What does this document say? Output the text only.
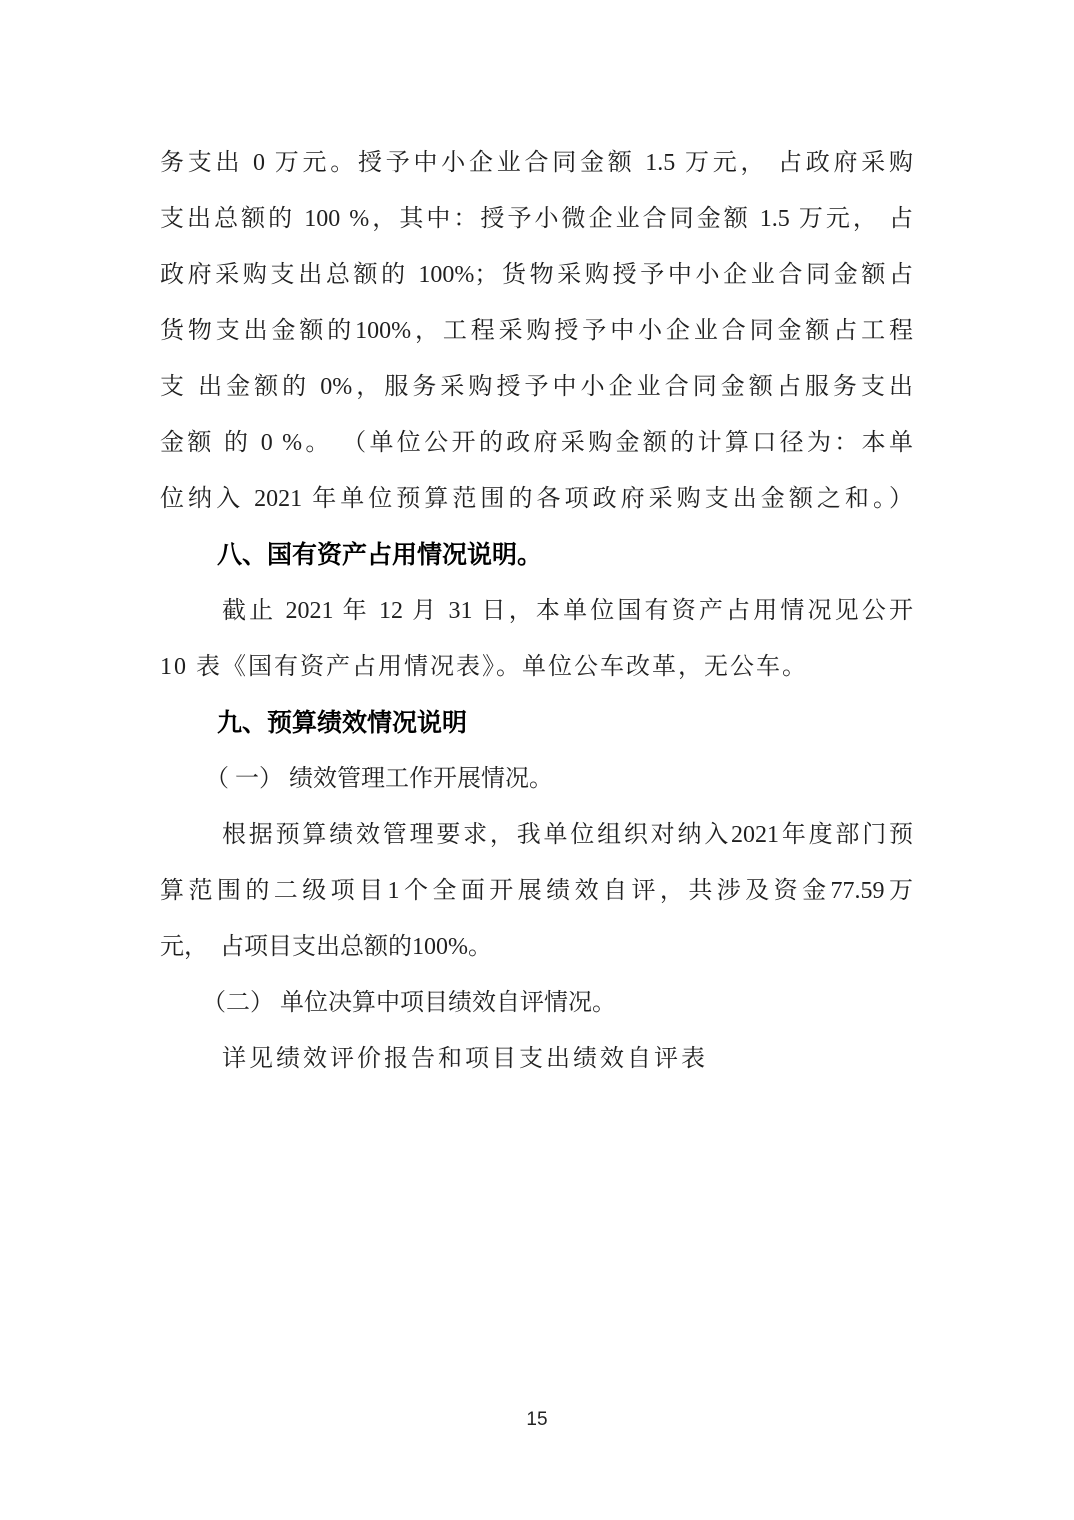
务支出 0 万元。授予中小企业合同金额 1.5 万元， 占政府采购

支出总额的 100 %，其中：授予小微企业合同金额 1.5 万元， 占

政府采购支出总额的 100%；货物采购授予中小企业合同金额占

货物支出金额的100%，工程采购授予中小企业合同金额占工程

支 出金额的 0%，服务采购授予中小企业合同金额占服务支出

金额 的 0 %。 （单位公开的政府采购金额的计算口径为：本单

位纳入 2021 年单位预算范围的各项政府采购支出金额之和。）

八、国有资产占用情况说明。

截止 2021 年 12 月 31 日，本单位国有资产占用情况见公开

10 表《国有资产占用情况表》。单位公车改革，无公车。

九、预算绩效情况说明

（ 一） 绩效管理工作开展情况。

根据预算绩效管理要求，我单位组织对纳入2021年度部门预

算范围的二级项目1个全面开展绩效自评，共涉及资金77.59万

元，　占项目支出总额的100%。

（二） 单位决算中项目绩效自评情况。

详见绩效评价报告和项目支出绩效自评表

15
